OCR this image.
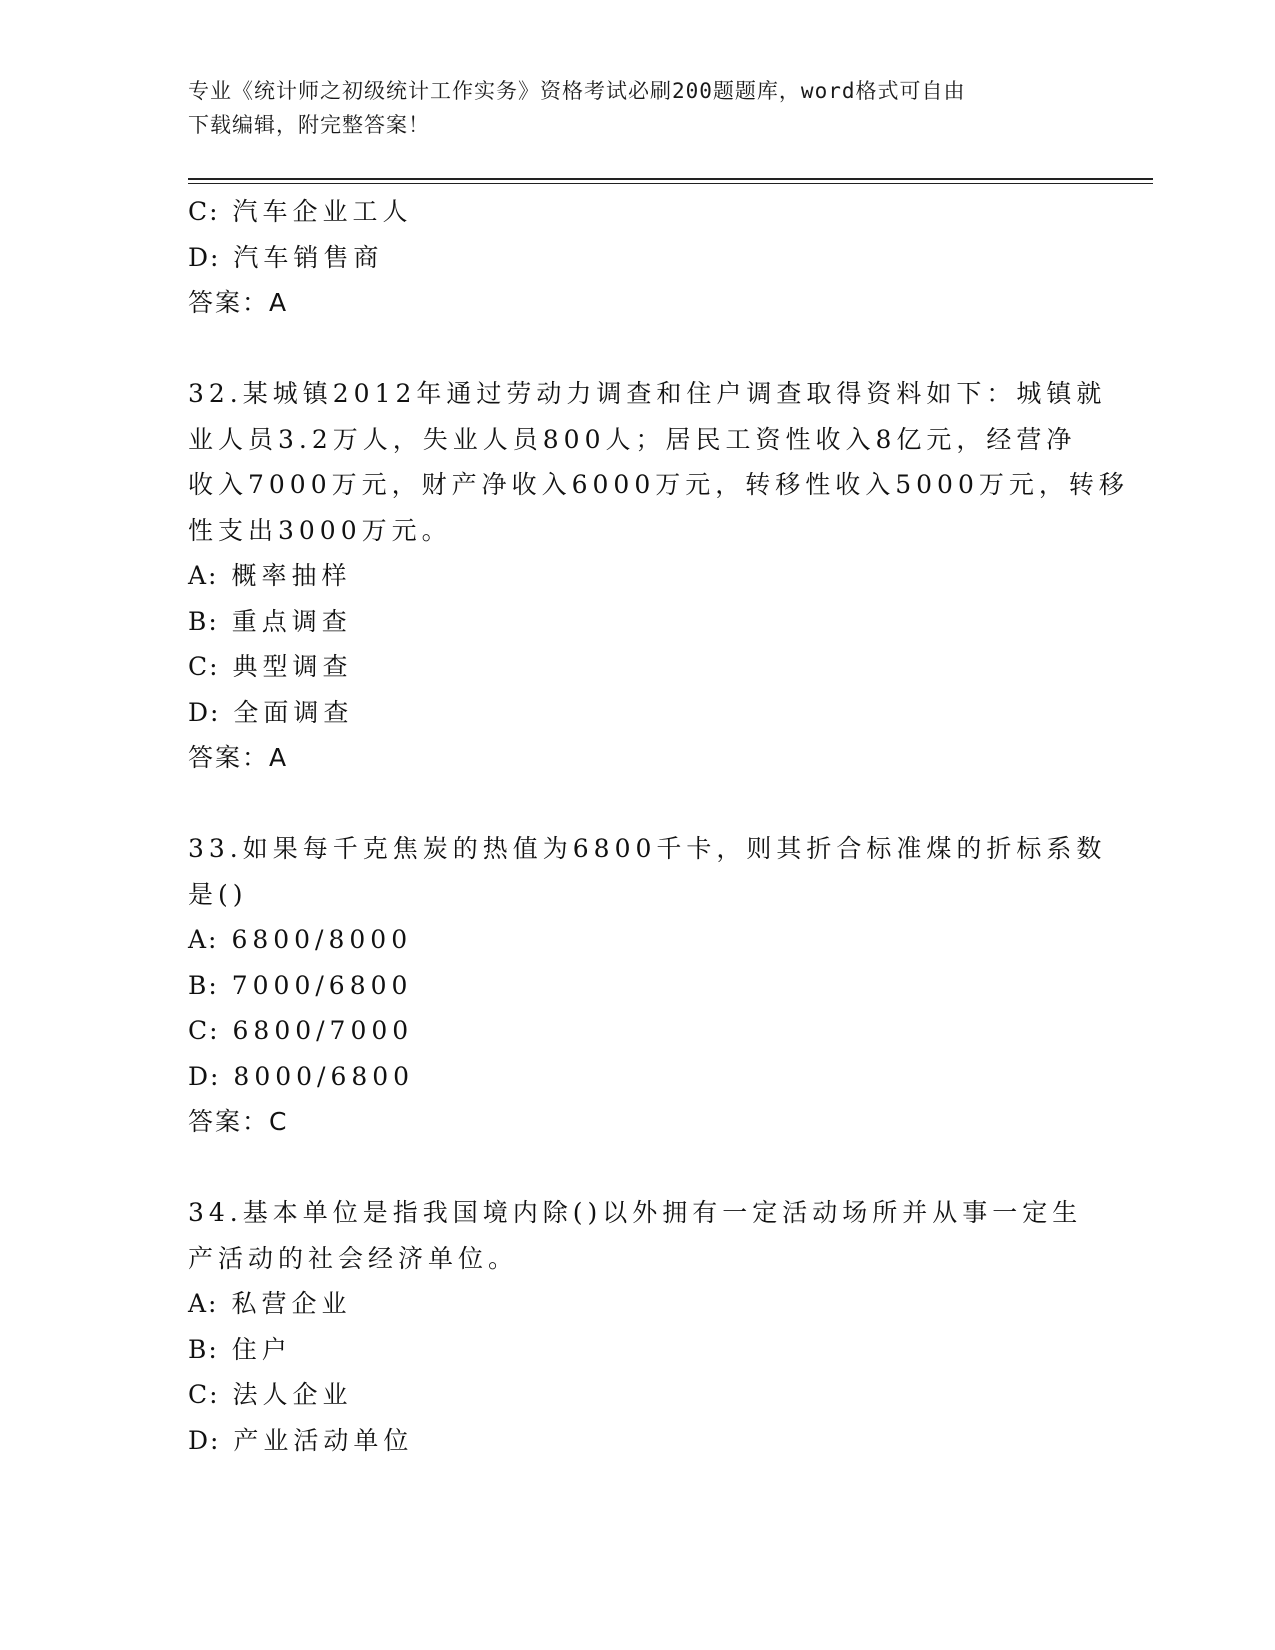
专业《统计师之初级统计工作实务》资格考试必刷200题题库，word格式可自由
下载编辑，附完整答案！
C: 汽车企业工人
D: 汽车销售商
答案：A
32.某城镇2012年通过劳动力调查和住户调查取得资料如下：城镇就
业人员3.2万人，失业人员800人；居民工资性收入8亿元，经营净
收入7000万元，财产净收入6000万元，转移性收入5000万元，转移
性支出3000万元。
A: 概率抽样
B: 重点调查
C: 典型调查
D: 全面调查
答案：A
33.如果每千克焦炭的热值为6800千卡，则其折合标准煤的折标系数
是()
A: 6800/8000
B: 7000/6800
C: 6800/7000
D: 8000/6800
答案：C
34.基本单位是指我国境内除()以外拥有一定活动场所并从事一定生
产活动的社会经济单位。
A: 私营企业
B: 住户
C: 法人企业
D: 产业活动单位
